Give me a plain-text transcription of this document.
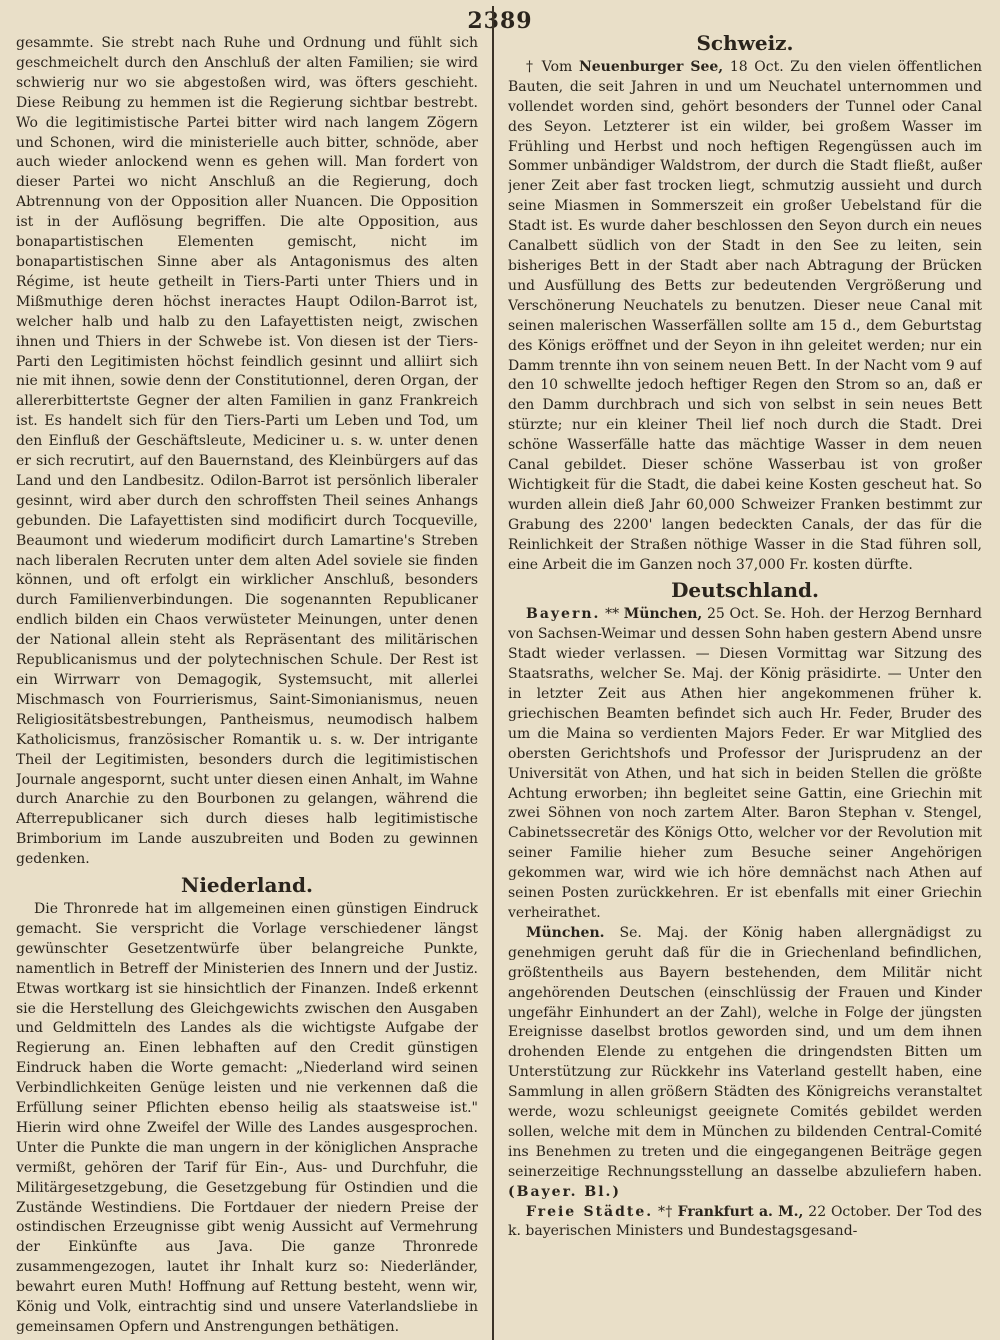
2389

gesammte. Sie strebt nach Ruhe und Ordnung und fühlt sich geschmeichelt durch den Anschluß der alten Familien; sie wird schwierig nur wo sie abgestoßen wird, was öfters geschieht. Diese Reibung zu hemmen ist die Regierung sichtbar bestrebt. Wo die legitimistische Partei bitter wird nach langem Zögern und Schonen, wird die ministerielle auch bitter, schnöde, aber auch wieder anlockend wenn es gehen will. Man fordert von dieser Partei wo nicht Anschluß an die Regierung, doch Abtrennung von der Opposition aller Nuancen. Die Opposition ist in der Auflösung begriffen. Die alte Opposition, aus bonapartistischen Elementen gemischt, nicht im bonapartistischen Sinne aber als Antagonismus des alten Régime, ist heute getheilt in Tiers-Parti unter Thiers und in Mißmuthige deren höchst ineractes Haupt Odilon-Barrot ist, welcher halb und halb zu den Lafayettisten neigt, zwischen ihnen und Thiers in der Schwebe ist. Von diesen ist der Tiers-Parti den Legitimisten höchst feindlich gesinnt und alliirt sich nie mit ihnen, sowie denn der Constitutionnel, deren Organ, der allererbittertste Gegner der alten Familien in ganz Frankreich ist. Es handelt sich für den Tiers-Parti um Leben und Tod, um den Einfluß der Geschäftsleute, Mediciner u. s. w. unter denen er sich recrutirt, auf den Bauernstand, des Kleinbürgers auf das Land und den Landbesitz. Odilon-Barrot ist persönlich liberaler gesinnt, wird aber durch den schroffsten Theil seines Anhangs gebunden. Die Lafayettisten sind modificirt durch Tocqueville, Beaumont und wiederum modificirt durch Lamartine's Streben nach liberalen Recruten unter dem alten Adel soviele sie finden können, und oft erfolgt ein wirklicher Anschluß, besonders durch Familienverbindungen. Die sogenannten Republicaner endlich bilden ein Chaos verwüsteter Meinungen, unter denen der National allein steht als Repräsentant des militärischen Republicanismus und der polytechnischen Schule. Der Rest ist ein Wirrwarr von Demagogik, Systemsucht, mit allerlei Mischmasch von Fourrierismus, Saint-Simonianismus, neuen Religiositätsbestrebungen, Pantheismus, neumodisch halbem Katholicismus, französischer Romantik u. s. w. Der intrigante Theil der Legitimisten, besonders durch die legitimistischen Journale angespornt, sucht unter diesen einen Anhalt, im Wahne durch Anarchie zu den Bourbonen zu gelangen, während die Afterrepublicaner sich durch dieses halb legitimistische Brimborium im Lande auszubreiten und Boden zu gewinnen gedenken.

Niederland.

Die Thronrede hat im allgemeinen einen günstigen Eindruck gemacht. Sie verspricht die Vorlage verschiedener längst gewünschter Gesetzentwürfe über belangreiche Punkte, namentlich in Betreff der Ministerien des Innern und der Justiz. Etwas wortkarg ist sie hinsichtlich der Finanzen. Indeß erkennt sie die Herstellung des Gleichgewichts zwischen den Ausgaben und Geldmitteln des Landes als die wichtigste Aufgabe der Regierung an. Einen lebhaften auf den Credit günstigen Eindruck haben die Worte gemacht: „Niederland wird seinen Verbindlichkeiten Genüge leisten und nie verkennen daß die Erfüllung seiner Pflichten ebenso heilig als staatsweise ist." Hierin wird ohne Zweifel der Wille des Landes ausgesprochen. Unter die Punkte die man ungern in der königlichen Ansprache vermißt, gehören der Tarif für Ein-, Aus- und Durchfuhr, die Militärgesetzgebung, die Gesetzgebung für Ostindien und die Zustände Westindiens. Die Fortdauer der niedern Preise der ostindischen Erzeugnisse gibt wenig Aussicht auf Vermehrung der Einkünfte aus Java. Die ganze Thronrede zusammengezogen, lautet ihr Inhalt kurz so: Niederländer, bewahrt euren Muth! Hoffnung auf Rettung besteht, wenn wir, König und Volk, eintrachtig sind und unsere Vaterlandsliebe in gemeinsamen Opfern und Anstrengungen bethätigen.

Schweiz.

† Vom Neuenburger See, 18 Oct. Zu den vielen öffentlichen Bauten, die seit Jahren in und um Neuchatel unternommen und vollendet worden sind, gehört besonders der Tunnel oder Canal des Seyon. Letzterer ist ein wilder, bei großem Wasser im Frühling und Herbst und noch heftigen Regengüssen auch im Sommer unbändiger Waldstrom, der durch die Stadt fließt, außer jener Zeit aber fast trocken liegt, schmutzig aussieht und durch seine Miasmen in Sommerszeit ein großer Uebelstand für die Stadt ist. Es wurde daher beschlossen den Seyon durch ein neues Canalbett südlich von der Stadt in den See zu leiten, sein bisheriges Bett in der Stadt aber nach Abtragung der Brücken und Ausfüllung des Betts zur bedeutenden Vergrößerung und Verschönerung Neuchatels zu benutzen. Dieser neue Canal mit seinen malerischen Wasserfällen sollte am 15 d., dem Geburtstag des Königs eröffnet und der Seyon in ihn geleitet werden; nur ein Damm trennte ihn von seinem neuen Bett. In der Nacht vom 9 auf den 10 schwellte jedoch heftiger Regen den Strom so an, daß er den Damm durchbrach und sich von selbst in sein neues Bett stürzte; nur ein kleiner Theil lief noch durch die Stadt. Drei schöne Wasserfälle hatte das mächtige Wasser in dem neuen Canal gebildet. Dieser schöne Wasserbau ist von großer Wichtigkeit für die Stadt, die dabei keine Kosten gescheut hat. So wurden allein dieß Jahr 60,000 Schweizer Franken bestimmt zur Grabung des 2200' langen bedeckten Canals, der das für die Reinlichkeit der Straßen nöthige Wasser in die Stad führen soll, eine Arbeit die im Ganzen noch 37,000 Fr. kosten dürfte.

Deutschland.

Bayern. ** München, 25 Oct. Se. Hoh. der Herzog Bernhard von Sachsen-Weimar und dessen Sohn haben gestern Abend unsre Stadt wieder verlassen. — Diesen Vormittag war Sitzung des Staatsraths, welcher Se. Maj. der König präsidirte. — Unter den in letzter Zeit aus Athen hier angekommenen früher k. griechischen Beamten befindet sich auch Hr. Feder, Bruder des um die Maina so verdienten Majors Feder. Er war Mitglied des obersten Gerichtshofs und Professor der Jurisprudenz an der Universität von Athen, und hat sich in beiden Stellen die größte Achtung erworben; ihn begleitet seine Gattin, eine Griechin mit zwei Söhnen von noch zartem Alter. Baron Stephan v. Stengel, Cabinetssecretär des Königs Otto, welcher vor der Revolution mit seiner Familie hieher zum Besuche seiner Angehörigen gekommen war, wird wie ich höre demnächst nach Athen auf seinen Posten zurückkehren. Er ist ebenfalls mit einer Griechin verheirathet.

München. Se. Maj. der König haben allergnädigst zu genehmigen geruht daß für die in Griechenland befindlichen, größtentheils aus Bayern bestehenden, dem Militär nicht angehörenden Deutschen (einschlüssig der Frauen und Kinder ungefähr Einhundert an der Zahl), welche in Folge der jüngsten Ereignisse daselbst brotlos geworden sind, und um dem ihnen drohenden Elende zu entgehen die dringendsten Bitten um Unterstützung zur Rückkehr ins Vaterland gestellt haben, eine Sammlung in allen größern Städten des Königreichs veranstaltet werde, wozu schleunigst geeignete Comités gebildet werden sollen, welche mit dem in München zu bildenden Central-Comité ins Benehmen zu treten und die eingegangenen Beiträge gegen seinerzeitige Rechnungsstellung an dasselbe abzuliefern haben. (Bayer. Bl.)

Freie Städte. *† Frankfurt a. M., 22 October. Der Tod des k. bayerischen Ministers und Bundestagsgesand-
